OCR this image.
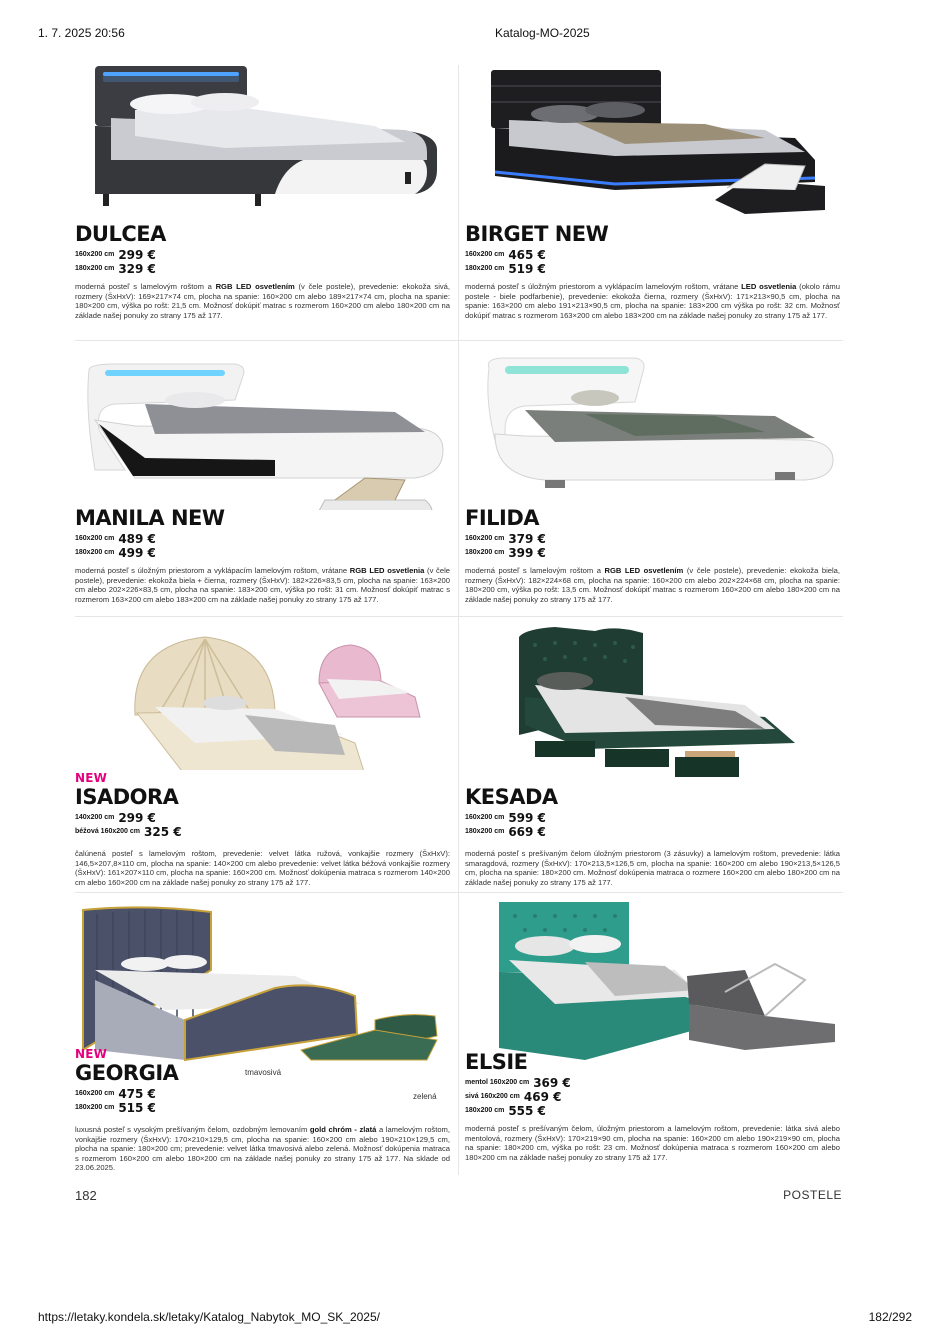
1. 7. 2025 20:56	Katalog-MO-2025
DULCEA
160x200 cm 299 €
180x200 cm 329 €
moderná posteľ s lamelovým roštom a RGB LED osvetlením (v čele postele), prevedenie: ekokoža sivá, rozmery (ŠxHxV): 169×217×74 cm, plocha na spanie: 160×200 cm alebo 189×217×74 cm, plocha na spanie: 180×200 cm, výška po rošt: 21,5 cm. Možnosť dokúpiť matrac s rozmerom 160×200 cm alebo 180×200 cm na základe našej ponuky zo strany 175 až 177.
BIRGET NEW
160x200 cm 465 €
180x200 cm 519 €
moderná posteľ s úložným priestorom a vyklápacím lamelovým roštom, vrátane LED osvetlenia (okolo rámu postele - biele podfarbenie), prevedenie: ekokoža čierna, rozmery (ŠxHxV): 171×213×90,5 cm, plocha na spanie: 163×200 cm alebo 191×213×90,5 cm, plocha na spanie: 183×200 cm výška po rošt: 32 cm. Možnosť dokúpiť matrac s rozmerom 163×200 cm alebo 183×200 cm na základe našej ponuky zo strany 175 až 177.
MANILA NEW
160x200 cm 489 €
180x200 cm 499 €
moderná posteľ s úložným priestorom a vyklápacím lamelovým roštom, vrátane RGB LED osvetlenia (v čele postele), prevedenie: ekokoža biela + čierna, rozmery (ŠxHxV): 182×226×83,5 cm, plocha na spanie: 163×200 cm alebo 202×226×83,5 cm, plocha na spanie: 183×200 cm, výška po rošt: 31 cm. Možnosť dokúpiť matrac s rozmerom 163×200 cm alebo 183×200 cm na základe našej ponuky zo strany 175 až 177.
FILIDA
160x200 cm 379 €
180x200 cm 399 €
moderná posteľ s lamelovým roštom a RGB LED osvetlením (v čele postele), prevedenie: ekokoža biela, rozmery (ŠxHxV): 182×224×68 cm, plocha na spanie: 160×200 cm alebo 202×224×68 cm, plocha na spanie: 180×200 cm, výška po rošt: 13,5 cm. Možnosť dokúpiť matrac s rozmerom 160×200 cm alebo 180×200 cm na základe našej ponuky zo strany 175 až 177.
NEW
ISADORA
140x200 cm 299 €
béžová 160x200 cm 325 €
čalúnená posteľ s lamelovým roštom, prevedenie: velvet látka ružová, vonkajšie rozmery (ŠxHxV): 146,5×207,8×110 cm, plocha na spanie: 140×200 cm alebo prevedenie: velvet látka béžová vonkajšie rozmery (ŠxHxV): 161×207×110 cm, plocha na spanie: 160×200 cm. Možnosť dokúpenia matraca s rozmerom 140×200 cm alebo 160×200 cm na základe našej ponuky zo strany 175 až 177.
KESADA
160x200 cm 599 €
180x200 cm 669 €
moderná posteľ s prešívaným čelom úložným priestorom (3 zásuvky) a lamelovým roštom, prevedenie: látka smaragdová, rozmery (ŠxHxV): 170×213,5×126,5 cm, plocha na spanie: 160×200 cm alebo 190×213,5×126,5 cm, plocha na spanie: 180×200 cm. Možnosť dokúpenia matraca o rozmere 160×200 cm alebo 180×200 cm na základe našej ponuky zo strany 175 až 177.
tmavosivá
zelená
NEW
GEORGIA
160x200 cm 475 €
180x200 cm 515 €
luxusná posteľ s vysokým prešívaným čelom, ozdobným lemovaním gold chróm - zlatá a lamelovým roštom, vonkajšie rozmery (ŠxHxV): 170×210×129,5 cm, plocha na spanie: 160×200 cm alebo 190×210×129,5 cm, plocha na spanie: 180×200 cm; prevedenie: velvet látka tmavosivá alebo zelená. Možnosť dokúpenia matraca s rozmerom 160×200 cm alebo 180×200 cm na základe našej ponuky zo strany 175 až 177. Na sklade od 23.06.2025.
ELSIE
mentol 160x200 cm 369 €
sivá 160x200 cm 469 €
180x200 cm 555 €
moderná posteľ s prešívaným čelom, úložným priestorom a lamelovým roštom, prevedenie: látka sivá alebo mentolová, rozmery (ŠxHxV): 170×219×90 cm, plocha na spanie: 160×200 cm alebo 190×219×90 cm, plocha na spanie: 180×200 cm, výška po rošt: 23 cm. Možnosť dokúpenia matraca s rozmerom 160×200 cm alebo 180×200 cm na základe našej ponuky zo strany 175 až 177.
182	POSTELE
https://letaky.kondela.sk/letaky/Katalog_Nabytok_MO_SK_2025/	182/292
